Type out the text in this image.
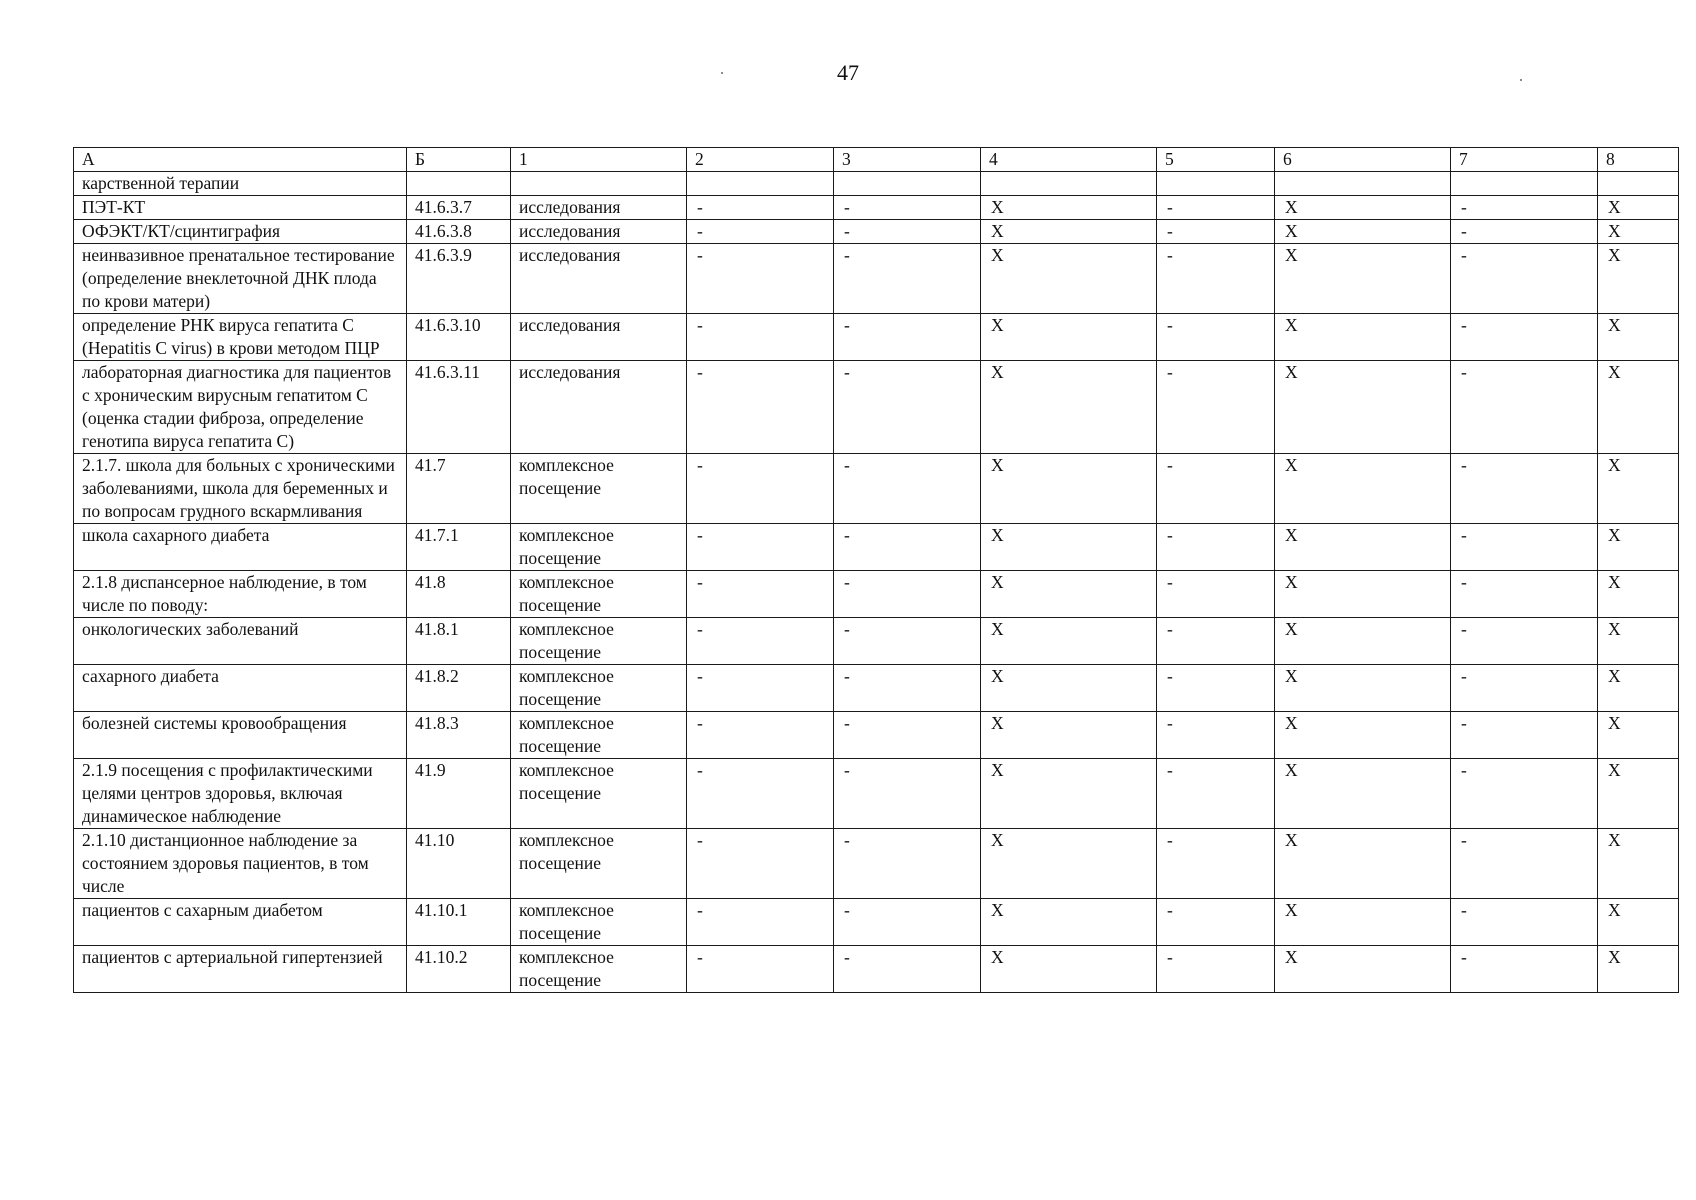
47
А	Б	1	2	3	4	5	6	7	8
карственной терапии									
ПЭТ-КТ	41.6.3.7	исследования	-	-	X	-	X	-	X
ОФЭКТ/КТ/сцинтиграфия	41.6.3.8	исследования	-	-	X	-	X	-	X
неинвазивное пренатальное тестирование (определение внеклеточной ДНК плода по крови матери)	41.6.3.9	исследования	-	-	X	-	X	-	X
определение РНК вируса гепатита С (Hepatitis C virus) в крови методом ПЦР	41.6.3.10	исследования	-	-	X	-	X	-	X
лабораторная диагностика для пациентов с хроническим вирусным гепатитом С (оценка стадии фиброза, определение генотипа вируса гепатита С)	41.6.3.11	исследования	-	-	X	-	X	-	X
2.1.7. школа для больных с хроническими заболеваниями, школа для беременных и по вопросам грудного вскармливания	41.7	комплексное посещение	-	-	X	-	X	-	X
школа сахарного диабета	41.7.1	комплексное посещение	-	-	X	-	X	-	X
2.1.8 диспансерное наблюдение, в том числе по поводу:	41.8	комплексное посещение	-	-	X	-	X	-	X
онкологических заболеваний	41.8.1	комплексное посещение	-	-	X	-	X	-	X
сахарного диабета	41.8.2	комплексное посещение	-	-	X	-	X	-	X
болезней системы кровообращения	41.8.3	комплексное посещение	-	-	X	-	X	-	X
2.1.9 посещения с профилактическими целями центров здоровья, включая динамическое наблюдение	41.9	комплексное посещение	-	-	X	-	X	-	X
2.1.10 дистанционное наблюдение за состоянием здоровья пациентов, в том числе	41.10	комплексное посещение	-	-	X	-	X	-	X
пациентов с сахарным диабетом	41.10.1	комплексное посещение	-	-	X	-	X	-	X
пациентов с артериальной гипертензией	41.10.2	комплексное посещение	-	-	X	-	X	-	X
